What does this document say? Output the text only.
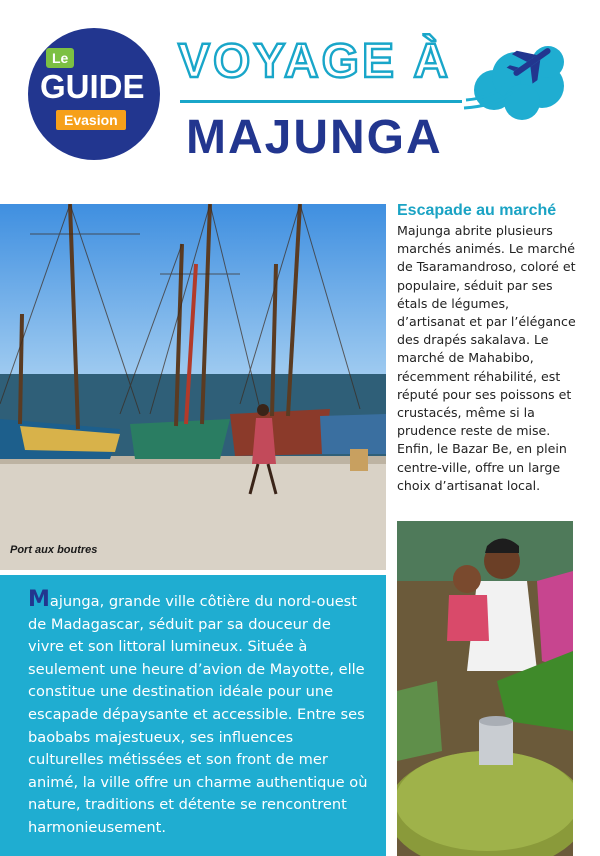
Le
GUIDE
Evasion
VOYAGE À
MAJUNGA
Port aux boutres
Escapade au marché
Majunga abrite plusieurs marchés animés. Le marché de Tsaramandroso, coloré et populaire, séduit par ses étals de légumes, d’artisanat et par l’élégance des drapés sakalava. Le marché de Mahabibo, récemment réhabilité, est réputé pour ses poissons et crustacés, même si la prudence reste de mise. Enfin, le Bazar Be, en plein centre-ville, offre un large choix d’artisanat local.
Majunga, grande ville côtière du nord-ouest de Madagascar, séduit par sa douceur de vivre et son littoral lumineux. Située à seulement une heure d’avion de Mayotte, elle constitue une destination idéale pour une escapade dépaysante et accessible. Entre ses baobabs majestueux, ses influences culturelles métissées et son front de mer animé, la ville offre un charme authentique où nature, traditions et détente se rencontrent harmonieusement.
